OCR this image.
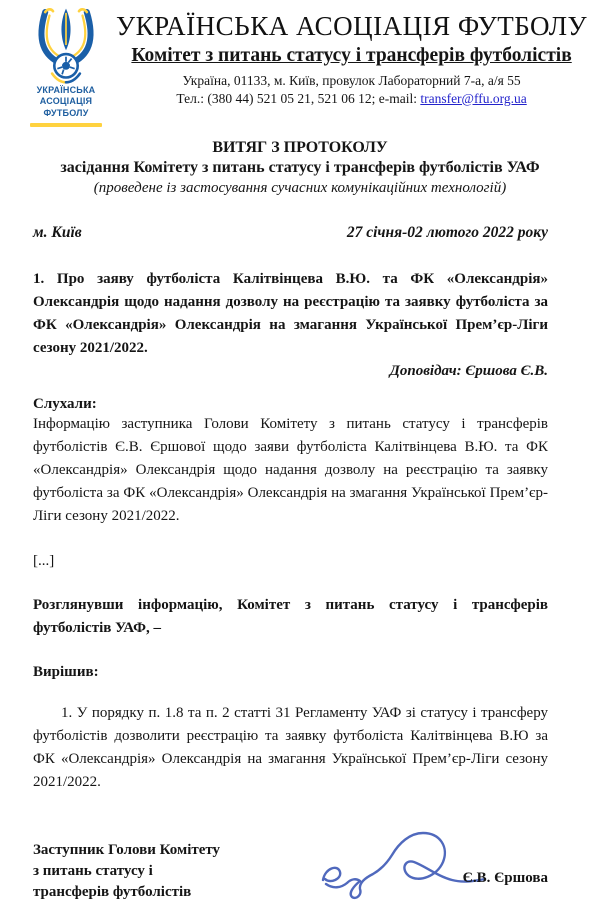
УКРАЇНСЬКА
АСОЦІАЦІЯ
ФУТБОЛУ
УКРАЇНСЬКА АСОЦІАЦІЯ ФУТБОЛУ
Комітет з питань статусу і трансферів футболістів
Україна, 01133, м. Київ, провулок Лабораторний 7-а, а/я 55
Тел.: (380 44) 521 05 21, 521 06 12; e-mail: transfer@ffu.org.ua
ВИТЯГ З ПРОТОКОЛУ
засідання Комітету з питань статусу і трансферів футболістів УАФ
(проведене із застосування сучасних комунікаційних технологій)
м. Київ	27 січня-02 лютого 2022 року

1. Про заяву футболіста Калітвінцева В.Ю. та ФК «Олександрія» Олександрія щодо надання дозволу на реєстрацію та заявку футболіста за ФК «Олександрія» Олександрія на змагання Української Прем’єр-Ліги сезону 2021/2022.

Доповідач: Єршова Є.В.
Слухали:

Інформацію заступника Голови Комітету з питань статусу і трансферів футболістів Є.В. Єршової щодо заяви футболіста Калітвінцева В.Ю. та ФК «Олександрія» Олександрія щодо надання дозволу на реєстрацію та заявку футболіста за ФК «Олександрія» Олександрія на змагання Української Прем’єр-Ліги сезону 2021/2022.

[...]

Розглянувши інформацію, Комітет з питань статусу і трансферів футболістів УАФ, –

Вирішив:

1. У порядку п. 1.8 та п. 2 статті 31 Регламенту УАФ зі статусу і трансферу футболістів дозволити реєстрацію та заявку футболіста Калітвінцева В.Ю за ФК «Олександрія» Олександрія на змагання Української Прем’єр-Ліги сезону 2021/2022.

Заступник Голови Комітету
з питань статусу і
трансферів футболістів
Є.В. Єршова
